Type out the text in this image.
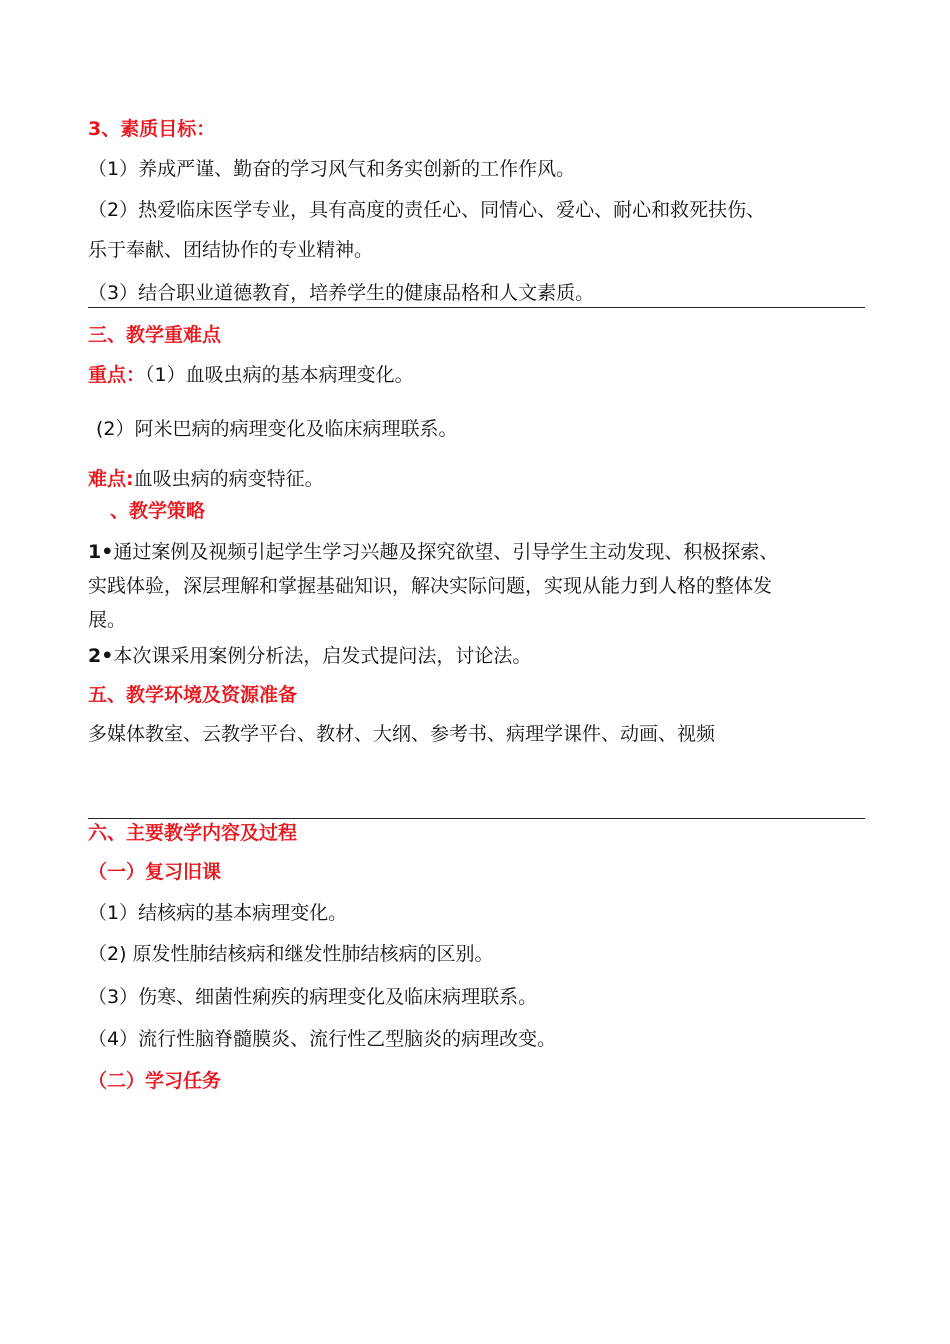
3、素质目标：
（1）养成严谨、勤奋的学习风气和务实创新的工作作风。
（2）热爱临床医学专业，具有高度的责任心、同情心、爱心、耐心和救死扶伤、
乐于奉献、团结协作的专业精神。
（3）结合职业道德教育，培养学生的健康品格和人文素质。
三、教学重难点
重点：（1）血吸虫病的基本病理变化。
(2）阿米巴病的病理变化及临床病理联系。
难点:血吸虫病的病变特征。
、教学策略
1•通过案例及视频引起学生学习兴趣及探究欲望、引导学生主动发现、积极探索、
实践体验，深层理解和掌握基础知识，解决实际问题，实现从能力到人格的整体发
展。
2•本次课采用案例分析法，启发式提问法，讨论法。
五、教学环境及资源准备
多媒体教室、云教学平台、教材、大纲、参考书、病理学课件、动画、视频
六、主要教学内容及过程
（一）复习旧课
（1）结核病的基本病理变化。
（2) 原发性肺结核病和继发性肺结核病的区别。
（3）伤寒、细菌性痢疾的病理变化及临床病理联系。
（4）流行性脑脊髓膜炎、流行性乙型脑炎的病理改变。
（二）学习任务
